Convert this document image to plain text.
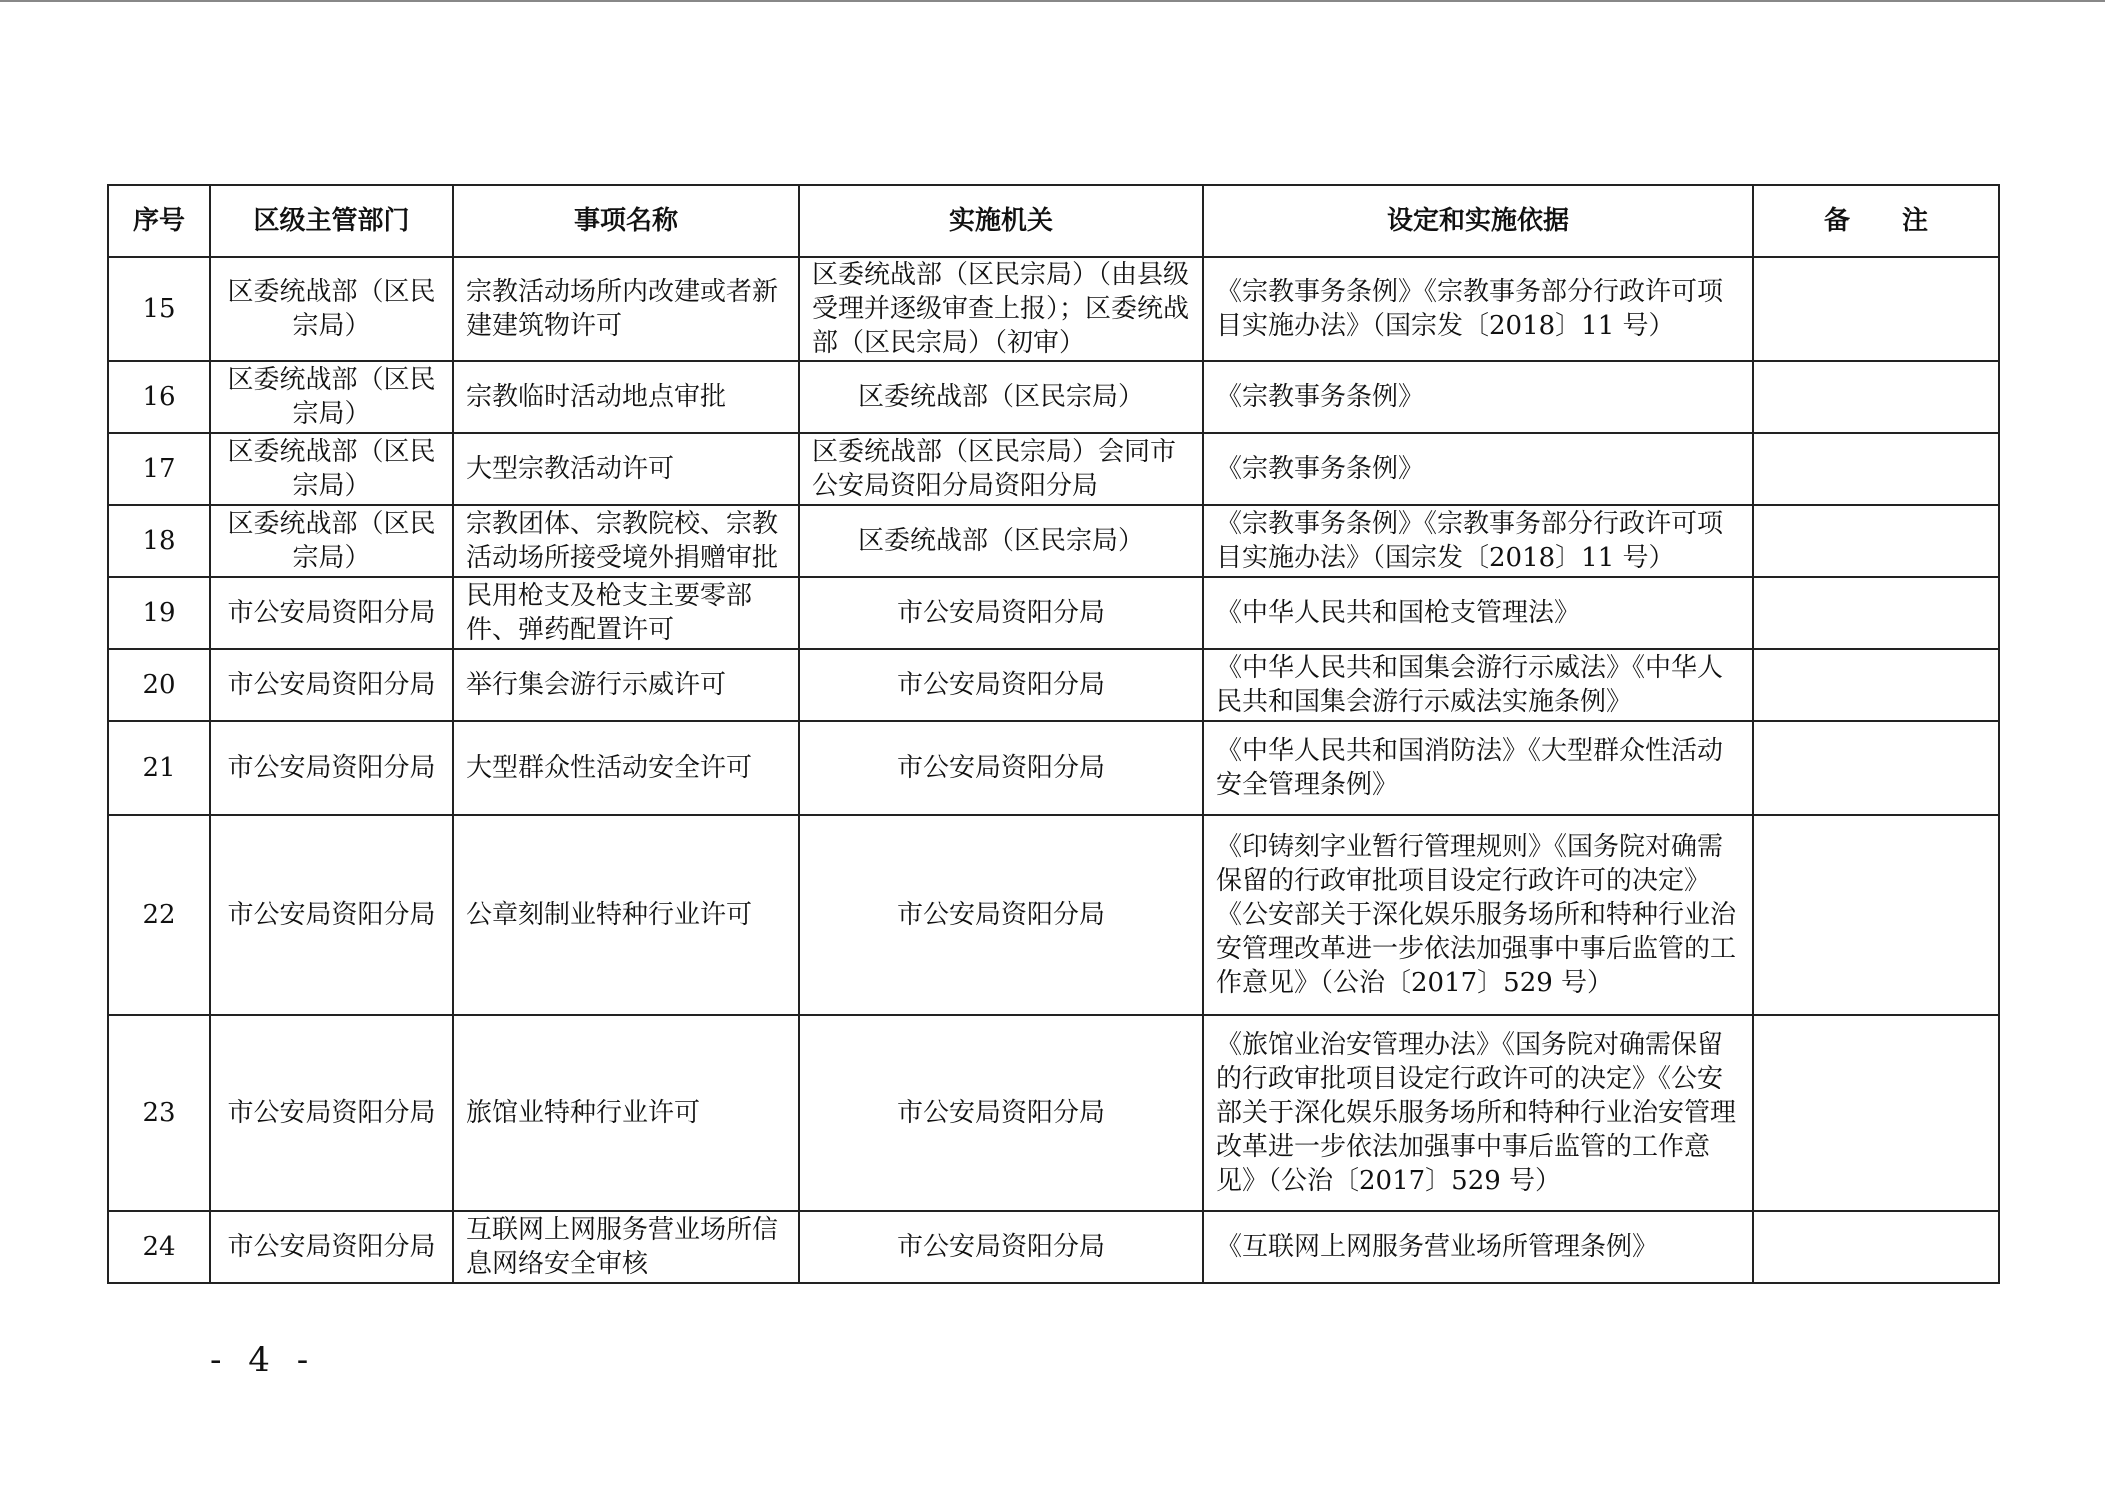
序号	区级主管部门	事项名称	实施机关	设定和实施依据	备　　注
15	区委统战部（区民宗局）	宗教活动场所内改建或者新建建筑物许可	区委统战部（区民宗局）（由县级受理并逐级审查上报）；区委统战部（区民宗局）（初审）	《宗教事务条例》《宗教事务部分行政许可项目实施办法》（国宗发〔2018〕11 号）	
16	区委统战部（区民宗局）	宗教临时活动地点审批	区委统战部（区民宗局）	《宗教事务条例》	
17	区委统战部（区民宗局）	大型宗教活动许可	区委统战部（区民宗局）会同市公安局资阳分局资阳分局	《宗教事务条例》	
18	区委统战部（区民宗局）	宗教团体、宗教院校、宗教活动场所接受境外捐赠审批	区委统战部（区民宗局）	《宗教事务条例》《宗教事务部分行政许可项目实施办法》（国宗发〔2018〕11 号）	
19	市公安局资阳分局	民用枪支及枪支主要零部件、弹药配置许可	市公安局资阳分局	《中华人民共和国枪支管理法》	
20	市公安局资阳分局	举行集会游行示威许可	市公安局资阳分局	《中华人民共和国集会游行示威法》《中华人民共和国集会游行示威法实施条例》	
21	市公安局资阳分局	大型群众性活动安全许可	市公安局资阳分局	《中华人民共和国消防法》《大型群众性活动安全管理条例》	
22	市公安局资阳分局	公章刻制业特种行业许可	市公安局资阳分局	《印铸刻字业暂行管理规则》《国务院对确需保留的行政审批项目设定行政许可的决定》《公安部关于深化娱乐服务场所和特种行业治安管理改革进一步依法加强事中事后监管的工作意见》（公治〔2017〕529 号）	
23	市公安局资阳分局	旅馆业特种行业许可	市公安局资阳分局	《旅馆业治安管理办法》《国务院对确需保留的行政审批项目设定行政许可的决定》《公安部关于深化娱乐服务场所和特种行业治安管理改革进一步依法加强事中事后监管的工作意见》（公治〔2017〕529 号）	
24	市公安局资阳分局	互联网上网服务营业场所信息网络安全审核	市公安局资阳分局	《互联网上网服务营业场所管理条例》	
- 4 -
